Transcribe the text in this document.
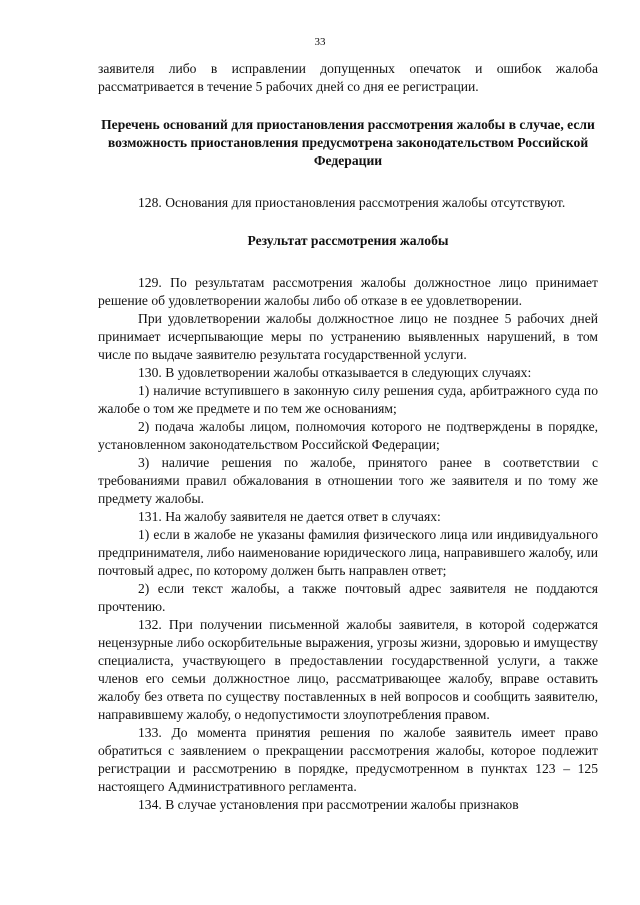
33

заявителя либо в исправлении допущенных опечаток и ошибок жалоба рассматривается в течение 5 рабочих дней со дня ее регистрации.

Перечень оснований для приостановления рассмотрения жалобы в случае, если возможность приостановления предусмотрена законодательством Российской Федерации

128. Основания для приостановления рассмотрения жалобы отсутствуют.

Результат рассмотрения жалобы

129. По результатам рассмотрения жалобы должностное лицо принимает решение об удовлетворении жалобы либо об отказе в ее удовлетворении.

При удовлетворении жалобы должностное лицо не позднее 5 рабочих дней принимает исчерпывающие меры по устранению выявленных нарушений, в том числе по выдаче заявителю результата государственной услуги.

130. В удовлетворении жалобы отказывается в следующих случаях:

1) наличие вступившего в законную силу решения суда, арбитражного суда по жалобе о том же предмете и по тем же основаниям;

2) подача жалобы лицом, полномочия которого не подтверждены в порядке, установленном законодательством Российской Федерации;

3) наличие решения по жалобе, принятого ранее в соответствии с требованиями правил обжалования в отношении того же заявителя и по тому же предмету жалобы.

131. На жалобу заявителя не дается ответ в случаях:

1) если в жалобе не указаны фамилия физического лица или индивидуального предпринимателя, либо наименование юридического лица, направившего жалобу, или почтовый адрес, по которому должен быть направлен ответ;

2) если текст жалобы, а также почтовый адрес заявителя не поддаются прочтению.

132. При получении письменной жалобы заявителя, в которой содержатся нецензурные либо оскорбительные выражения, угрозы жизни, здоровью и имуществу специалиста, участвующего в предоставлении государственной услуги, а также членов его семьи должностное лицо, рассматривающее жалобу, вправе оставить жалобу без ответа по существу поставленных в ней вопросов и сообщить заявителю, направившему жалобу, о недопустимости злоупотребления правом.

133. До момента принятия решения по жалобе заявитель имеет право обратиться с заявлением о прекращении рассмотрения жалобы, которое подлежит регистрации и рассмотрению в порядке, предусмотренном в пунктах 123 – 125 настоящего Административного регламента.

134. В случае установления при рассмотрении жалобы признаков
